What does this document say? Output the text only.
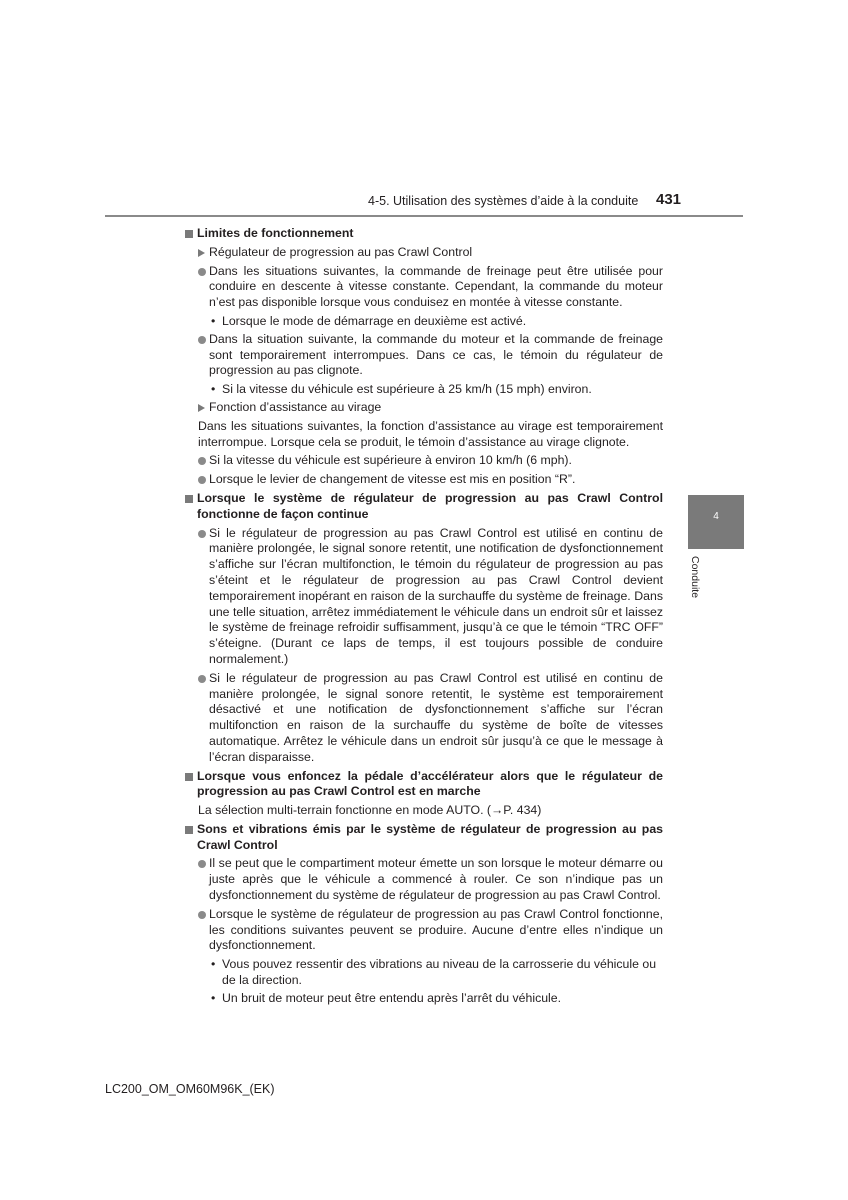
4-5. Utilisation des systèmes d’aide à la conduite 431
4
Conduite
Limites de fonctionnement
Régulateur de progression au pas Crawl Control
Dans les situations suivantes, la commande de freinage peut être utilisée pour conduire en descente à vitesse constante. Cependant, la commande du moteur n’est pas disponible lorsque vous conduisez en montée à vitesse constante.
• Lorsque le mode de démarrage en deuxième est activé.
Dans la situation suivante, la commande du moteur et la commande de freinage sont temporairement interrompues. Dans ce cas, le témoin du régulateur de progression au pas clignote.
• Si la vitesse du véhicule est supérieure à 25 km/h (15 mph) environ.
Fonction d’assistance au virage
Dans les situations suivantes, la fonction d’assistance au virage est temporairement interrompue. Lorsque cela se produit, le témoin d’assistance au virage clignote.
Si la vitesse du véhicule est supérieure à environ 10 km/h (6 mph).
Lorsque le levier de changement de vitesse est mis en position “R”.
Lorsque le système de régulateur de progression au pas Crawl Control fonctionne de façon continue
Si le régulateur de progression au pas Crawl Control est utilisé en continu de manière prolongée, le signal sonore retentit, une notification de dysfonctionnement s’affiche sur l’écran multifonction, le témoin du régulateur de progression au pas s’éteint et le régulateur de progression au pas Crawl Control devient temporairement inopérant en raison de la surchauffe du système de freinage. Dans une telle situation, arrêtez immédiatement le véhicule dans un endroit sûr et laissez le système de freinage refroidir suffisamment, jusqu’à ce que le témoin “TRC OFF” s’éteigne. (Durant ce laps de temps, il est toujours possible de conduire normalement.)
Si le régulateur de progression au pas Crawl Control est utilisé en continu de manière prolongée, le signal sonore retentit, le système est temporairement désactivé et une notification de dysfonctionnement s’affiche sur l’écran multifonction en raison de la surchauffe du système de boîte de vitesses automatique. Arrêtez le véhicule dans un endroit sûr jusqu’à ce que le message à l’écran disparaisse.
Lorsque vous enfoncez la pédale d’accélérateur alors que le régulateur de progression au pas Crawl Control est en marche
La sélection multi-terrain fonctionne en mode AUTO. (→P. 434)
Sons et vibrations émis par le système de régulateur de progression au pas Crawl Control
Il se peut que le compartiment moteur émette un son lorsque le moteur démarre ou juste après que le véhicule a commencé à rouler. Ce son n’indique pas un dysfonctionnement du système de régulateur de progression au pas Crawl Control.
Lorsque le système de régulateur de progression au pas Crawl Control fonctionne, les conditions suivantes peuvent se produire. Aucune d’entre elles n’indique un dysfonctionnement.
• Vous pouvez ressentir des vibrations au niveau de la carrosserie du véhicule ou de la direction.
• Un bruit de moteur peut être entendu après l’arrêt du véhicule.
LC200_OM_OM60M96K_(EK)
